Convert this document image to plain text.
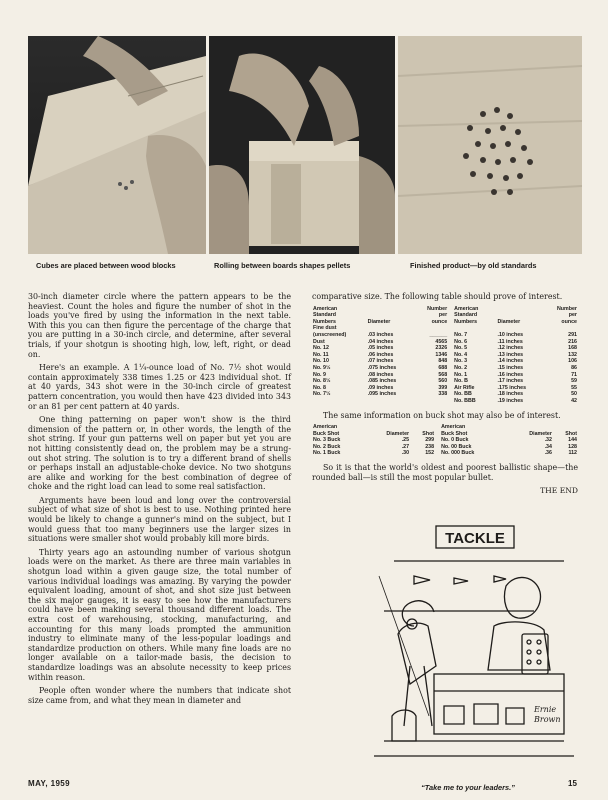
Cubes are placed between wood blocks	Rolling between boards shapes pellets	Finished product—by old standards

30-inch diameter circle where the pattern appears to be the heaviest. Count the holes and figure the number of shot in the loads you've fired by using the information in the next table. With this you can then figure the percentage of the charge that you are putting in a 30-inch circle, and determine, after several trials, if your shotgun is shooting high, low, left, right, or dead on.

Here's an example. A 1¼-ounce load of No. 7½ shot would contain approximately 338 times 1.25 or 423 individual shot. If at 40 yards, 343 shot were in the 30-inch circle of greatest pattern concentration, you would then have 423 divided into 343 or an 81 per cent pattern at 40 yards.

One thing patterning on paper won't show is the third dimension of the pattern or, in other words, the length of the shot string. If your gun patterns well on paper but yet you are not hitting consistently dead on, the problem may be a strung-out shot string. The solution is to try a different brand of shells or perhaps install an adjustable-choke device. No two shotguns are alike and working for the best combination of degree of choke and the right load can lead to some real satisfaction.

Arguments have been loud and long over the controversial subject of what size of shot is best to use. Nothing printed here would be likely to change a gunner's mind on the subject, but I would guess that too many beginners use the larger sizes in situations were smaller shot would probably kill more birds.

Thirty years ago an astounding number of various shotgun loads were on the market. As there are three main variables in shotgun load within a given gauge size, the total number of various individual loadings was amazing. By varying the powder equivalent loading, amount of shot, and shot size just between the six major gauges, it is easy to see how the manufacturers could have been making several thousand different loads. The extra cost of warehousing, stocking, manufacturing, and accounting for this many loads prompted the ammunition industry to eliminate many of the less-popular loadings and standardize production on others. While many fine loads are no longer available on a tailor-made basis, the decision to standardize loadings was an absolute necessity to keep prices within reason.

People often wonder where the numbers that indicate shot size came from, and what they mean in diameter and

comparative size. The following table should prove of interest.

American
Standard
Numbers	Diameter	Number
per
ounce	American
Standard
Numbers	Diameter	Number
per
ounce
Fine dust					
(unscreened)	.03 inches	______	No. 7	.10 inches	291
Dust	.04 inches	4565	No. 6	.11 inches	216
No. 12	.05 inches	2326	No. 5	.12 inches	168
No. 11	.06 inches	1346	No. 4	.13 inches	132
No. 10	.07 inches	848	No. 3	.14 inches	106
No. 9½	.075 inches	688	No. 2	.15 inches	86
No. 9	.08 inches	568	No. 1	.16 inches	71
No. 8½	.085 inches	560	No. B	.17 inches	59
No. 8	.09 inches	399	Air Rifle	.175 inches	55
No. 7½	.095 inches	338	No. BB	.18 inches	50
			No. BBB	.19 inches	42

The same information on buck shot may also be of interest.

American
Buck Shot	Diameter	Shot	American
Buck Shot	Diameter	Shot
No. 3 Buck	.25	299	No. 0 Buck	.32	144
No. 2 Buck	.27	238	No. 00 Buck	.34	128
No. 1 Buck	.30	152	No. 000 Buck	.36	112

So it is that the world's oldest and poorest ballistic shape—the rounded ball—is still the most popular bullet.

THE END
TACKLE
Ernie
Brown
“Take me to your leaders.”
MAY, 1959	15
